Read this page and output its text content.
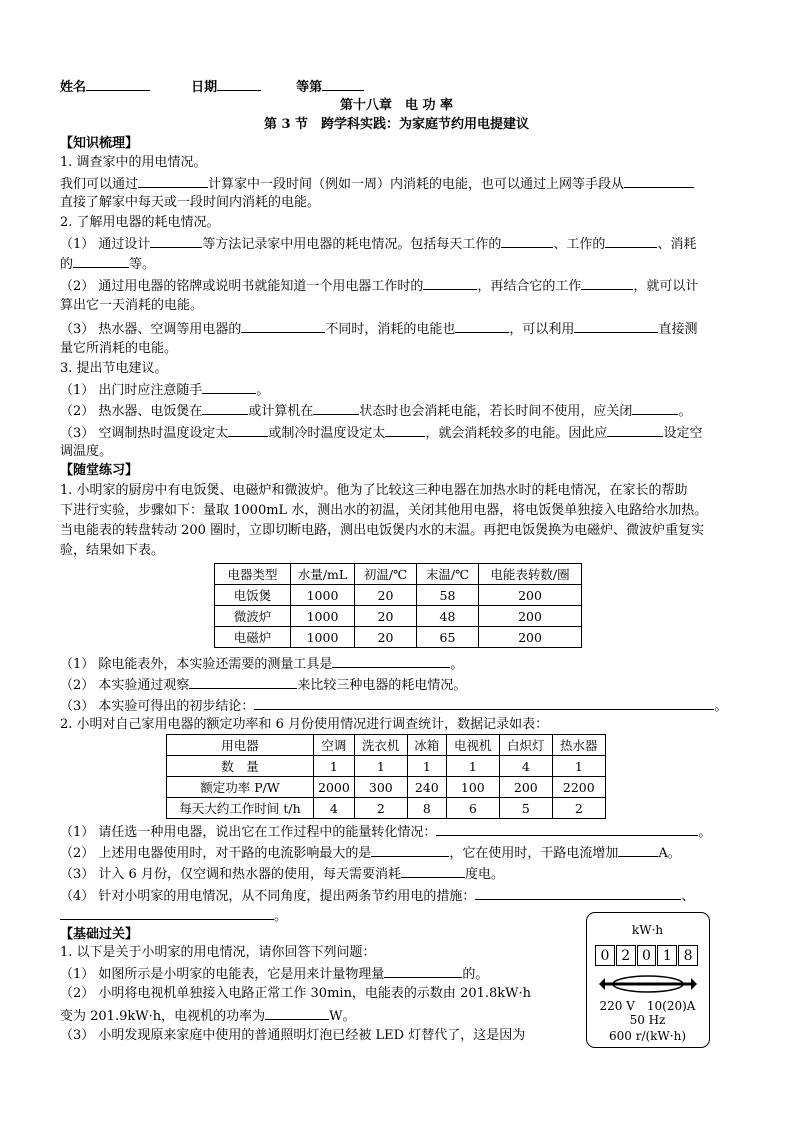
姓名	日期	等第
第十八章　电 功 率
第 3 节　跨学科实践：为家庭节约用电提建议
【知识梳理】
1. 调查家中的用电情况。
我们可以通过	计算家中一段时间（例如一周）内消耗的电能，也可以通过上网等手段从
直接了解家中每天或一段时间内消耗的电能。
2. 了解用电器的耗电情况。
（1） 通过设计	等方法记录家中用电器的耗电情况。包括每天工作的	、工作的	、消耗
的	等。
（2） 通过用电器的铭牌或说明书就能知道一个用电器工作时的	，再结合它的工作	，就可以计
算出它一天消耗的电能。
（3） 热水器、空调等用电器的	不同时，消耗的电能也	，可以利用	直接测
量它所消耗的电能。
3. 提出节电建议。
（1） 出门时应注意随手	。
（2） 热水器、电饭煲在	或计算机在	状态时也会消耗电能，若长时间不使用，应关闭	。
（3） 空调制热时温度设定太	或制冷时温度设定太	，就会消耗较多的电能。因此应	设定空
调温度。
【随堂练习】
1. 小明家的厨房中有电饭煲、电磁炉和微波炉。他为了比较这三种电器在加热水时的耗电情况，在家长的帮助
下进行实验，步骤如下：量取 1000mL 水，测出水的初温，关闭其他用电器，将电饭煲单独接入电路给水加热。
当电能表的转盘转动 200 圈时，立即切断电路，测出电饭煲内水的末温。再把电饭煲换为电磁炉、微波炉重复实
验，结果如下表。
电器类型	水量/mL	初温/℃	末温/℃	电能表转数/圈
电饭煲	1000	20	58	200
微波炉	1000	20	48	200
电磁炉	1000	20	65	200
（1） 除电能表外，本实验还需要的测量工具是	。
（2） 本实验通过观察	来比较三种电器的耗电情况。
（3） 本实验可得出的初步结论：	。
2. 小明对自己家用电器的额定功率和 6 月份使用情况进行调查统计，数据记录如表：
用电器	空调	洗衣机	冰箱	电视机	白炽灯	热水器
数　量	1	1	1	1	4	1
额定功率 P/W	2000	300	240	100	200	2200
每天大约工作时间 t/h	4	2	8	6	5	2
（1） 请任选一种用电器，说出它在工作过程中的能量转化情况：	。
（2） 上述用电器使用时，对干路的电流影响最大的是	，它在使用时，干路电流增加	A。
（3） 计入 6 月份，仅空调和热水器的使用，每天需要消耗	度电。
（4） 针对小明家的用电情况，从不同角度，提出两条节约用电的措施：	、
。
【基础过关】
1. 以下是关于小明家的用电情况，请你回答下列问题：
（1） 如图所示是小明家的电能表，它是用来计量物理量	的。
（2） 小明将电视机单独接入电路正常工作 30min，电能表的示数由 201.8kW·h
变为 201.9kW·h，电视机的功率为	W。
（3） 小明发现原来家庭中使用的普通照明灯泡已经被 LED 灯替代了，这是因为
kW·h
0 2 0 1 8
220 V　10(20)A
50 Hz
600 r/(kW·h)
